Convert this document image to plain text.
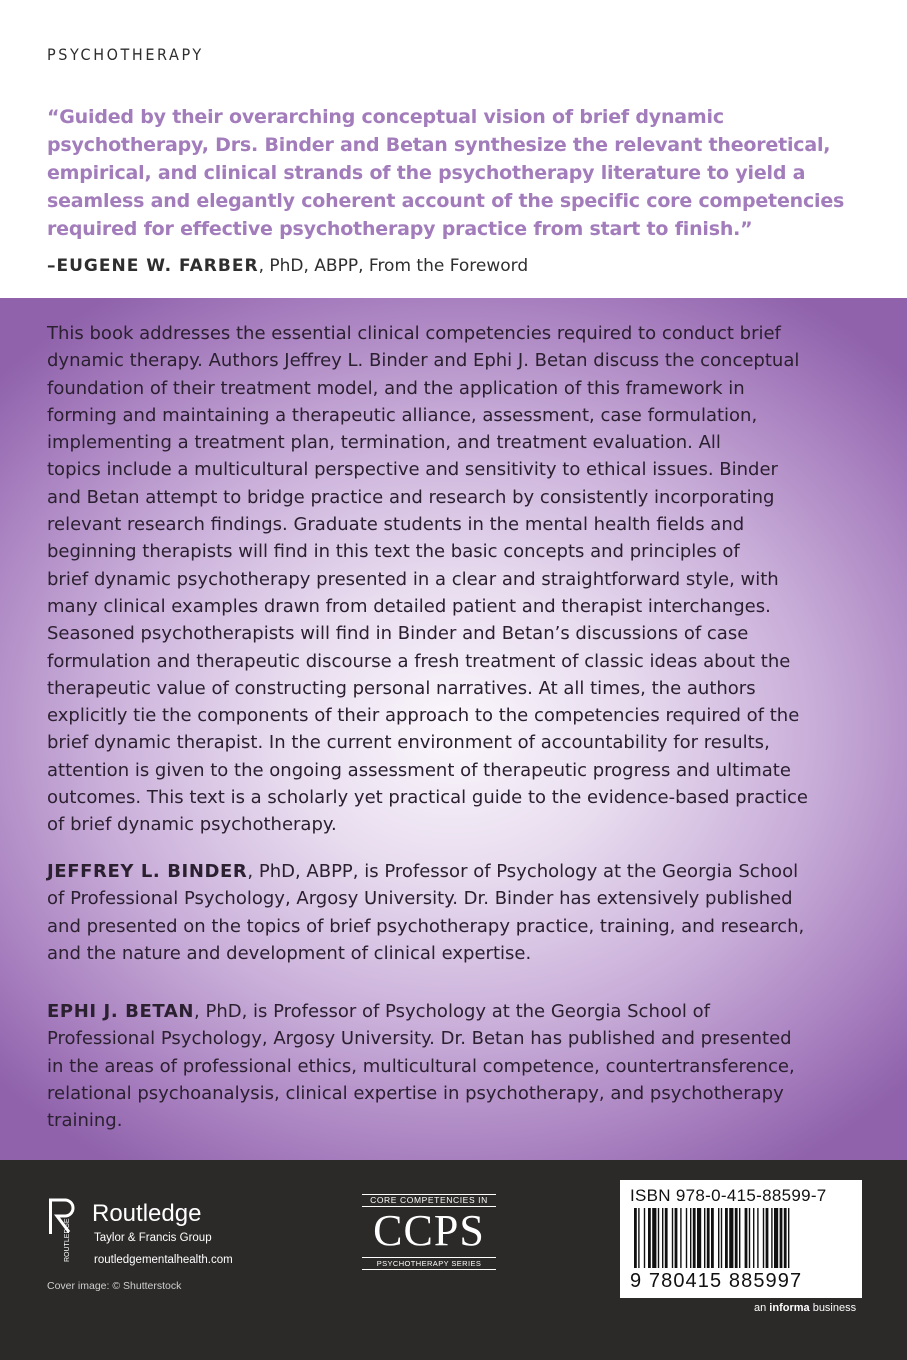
PSYCHOTHERAPY
“Guided by their overarching conceptual vision of brief dynamic
psychotherapy, Drs. Binder and Betan synthesize the relevant theoretical,
empirical, and clinical strands of the psychotherapy literature to yield a
seamless and elegantly coherent account of the specific core competencies
required for effective psychotherapy practice from start to finish.”
–EUGENE W. FARBER, PhD, ABPP, From the Foreword
This book addresses the essential clinical competencies required to conduct brief
dynamic therapy. Authors Jeffrey L. Binder and Ephi J. Betan discuss the conceptual
foundation of their treatment model, and the application of this framework in
forming and maintaining a therapeutic alliance, assessment, case formulation,
implementing a treatment plan, termination, and treatment evaluation. All
topics include a multicultural perspective and sensitivity to ethical issues. Binder
and Betan attempt to bridge practice and research by consistently incorporating
relevant research findings. Graduate students in the mental health fields and
beginning therapists will find in this text the basic concepts and principles of
brief dynamic psychotherapy presented in a clear and straightforward style, with
many clinical examples drawn from detailed patient and therapist interchanges.
Seasoned psychotherapists will find in Binder and Betan’s discussions of case
formulation and therapeutic discourse a fresh treatment of classic ideas about the
therapeutic value of constructing personal narratives. At all times, the authors
explicitly tie the components of their approach to the competencies required of the
brief dynamic therapist. In the current environment of accountability for results,
attention is given to the ongoing assessment of therapeutic progress and ultimate
outcomes. This text is a scholarly yet practical guide to the evidence-based practice
of brief dynamic psychotherapy.
JEFFREY L. BINDER, PhD, ABPP, is Professor of Psychology at the Georgia School
of Professional Psychology, Argosy University. Dr. Binder has extensively published
and presented on the topics of brief psychotherapy practice, training, and research,
and the nature and development of clinical expertise.
EPHI J. BETAN, PhD, is Professor of Psychology at the Georgia School of
Professional Psychology, Argosy University. Dr. Betan has published and presented
in the areas of professional ethics, multicultural competence, countertransference,
relational psychoanalysis, clinical expertise in psychotherapy, and psychotherapy
training.
ROUTLEDGE
Routledge
Taylor & Francis Group
routledgementalhealth.com
Cover image: © Shutterstock
CORE COMPETENCIES IN
CCPS
PSYCHOTHERAPY SERIES
ISBN 978-0-415-88599-7
9 780415 885997
an informa business
